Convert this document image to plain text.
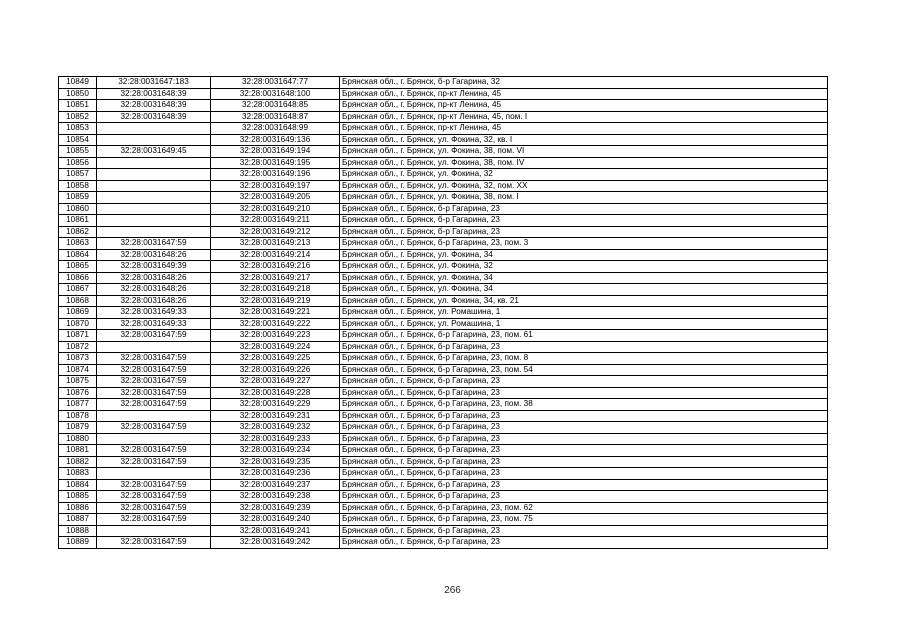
10849	32:28:0031647:183	32:28:0031647:77	Брянская обл., г. Брянск, б-р Гагарина, 32
10850	32:28:0031648:39	32:28:0031648:100	Брянская обл., г. Брянск, пр-кт Ленина, 45
10851	32:28:0031648:39	32:28:0031648:85	Брянская обл., г. Брянск, пр-кт Ленина, 45
10852	32:28:0031648:39	32:28:0031648:87	Брянская обл., г. Брянск, пр-кт Ленина, 45, пом. I
10853		32:28:0031648:99	Брянская обл., г. Брянск, пр-кт Ленина, 45
10854		32:28:0031649:136	Брянская обл., г. Брянск, ул. Фокина, 32, кв. I
10855	32:28:0031649:45	32:28:0031649:194	Брянская обл., г. Брянск, ул. Фокина, 38, пом. VI
10856		32:28:0031649:195	Брянская обл., г. Брянск, ул. Фокина, 38, пом. IV
10857		32:28:0031649:196	Брянская обл., г. Брянск, ул. Фокина, 32
10858		32:28:0031649:197	Брянская обл., г. Брянск, ул. Фокина, 32, пом. XX
10859		32:28:0031649:205	Брянская обл., г. Брянск, ул. Фокина, 38, пом. I
10860		32:28:0031649:210	Брянская обл., г. Брянск, б-р Гагарина, 23
10861		32:28:0031649:211	Брянская обл., г. Брянск, б-р Гагарина, 23
10862		32:28:0031649:212	Брянская обл., г. Брянск, б-р Гагарина, 23
10863	32:28:0031647:59	32:28:0031649:213	Брянская обл., г. Брянск, б-р Гагарина, 23, пом. 3
10864	32:28:0031648:26	32:28:0031649:214	Брянская обл., г. Брянск, ул. Фокина, 34
10865	32:28:0031649:39	32:28:0031649:216	Брянская обл., г. Брянск, ул. Фокина, 32
10866	32:28:0031648:26	32:28:0031649:217	Брянская обл., г. Брянск, ул. Фокина, 34
10867	32:28:0031648:26	32:28:0031649:218	Брянская обл., г. Брянск, ул. Фокина, 34
10868	32:28:0031648:26	32:28:0031649:219	Брянская обл., г. Брянск, ул. Фокина, 34, кв. 21
10869	32:28:0031649:33	32:28:0031649:221	Брянская обл., г. Брянск, ул. Ромашина, 1
10870	32:28:0031649:33	32:28:0031649:222	Брянская обл., г. Брянск, ул. Ромашина, 1
10871	32:28:0031647:59	32:28:0031649:223	Брянская обл., г. Брянск, б-р Гагарина, 23, пом. 61
10872		32:28:0031649:224	Брянская обл., г. Брянск, б-р Гагарина, 23
10873	32:28:0031647:59	32:28:0031649:225	Брянская обл., г. Брянск, б-р Гагарина, 23, пом. 8
10874	32:28:0031647:59	32:28:0031649:226	Брянская обл., г. Брянск, б-р Гагарина, 23, пом. 54
10875	32:28:0031647:59	32:28:0031649:227	Брянская обл., г. Брянск, б-р Гагарина, 23
10876	32:28:0031647:59	32:28:0031649:228	Брянская обл., г. Брянск, б-р Гагарина, 23
10877	32:28:0031647:59	32:28:0031649:229	Брянская обл., г. Брянск, б-р Гагарина, 23, пом. 38
10878		32:28:0031649:231	Брянская обл., г. Брянск, б-р Гагарина, 23
10879	32:28:0031647:59	32:28:0031649:232	Брянская обл., г. Брянск, б-р Гагарина, 23
10880		32:28:0031649:233	Брянская обл., г. Брянск, б-р Гагарина, 23
10881	32:28:0031647:59	32:28:0031649:234	Брянская обл., г. Брянск, б-р Гагарина, 23
10882	32:28:0031647:59	32:28:0031649:235	Брянская обл., г. Брянск, б-р Гагарина, 23
10883		32:28:0031649:236	Брянская обл., г. Брянск, б-р Гагарина, 23
10884	32:28:0031647:59	32:28:0031649:237	Брянская обл., г. Брянск, б-р Гагарина, 23
10885	32:28:0031647:59	32:28:0031649:238	Брянская обл., г. Брянск, б-р Гагарина, 23
10886	32:28:0031647:59	32:28:0031649:239	Брянская обл., г. Брянск, б-р Гагарина, 23, пом. 62
10887	32:28:0031647:59	32:28:0031649:240	Брянская обл., г. Брянск, б-р Гагарина, 23, пом. 75
10888		32:28:0031649:241	Брянская обл., г. Брянск, б-р Гагарина, 23
10889	32:28:0031647:59	32:28:0031649:242	Брянская обл., г. Брянск, б-р Гагарина, 23
266
